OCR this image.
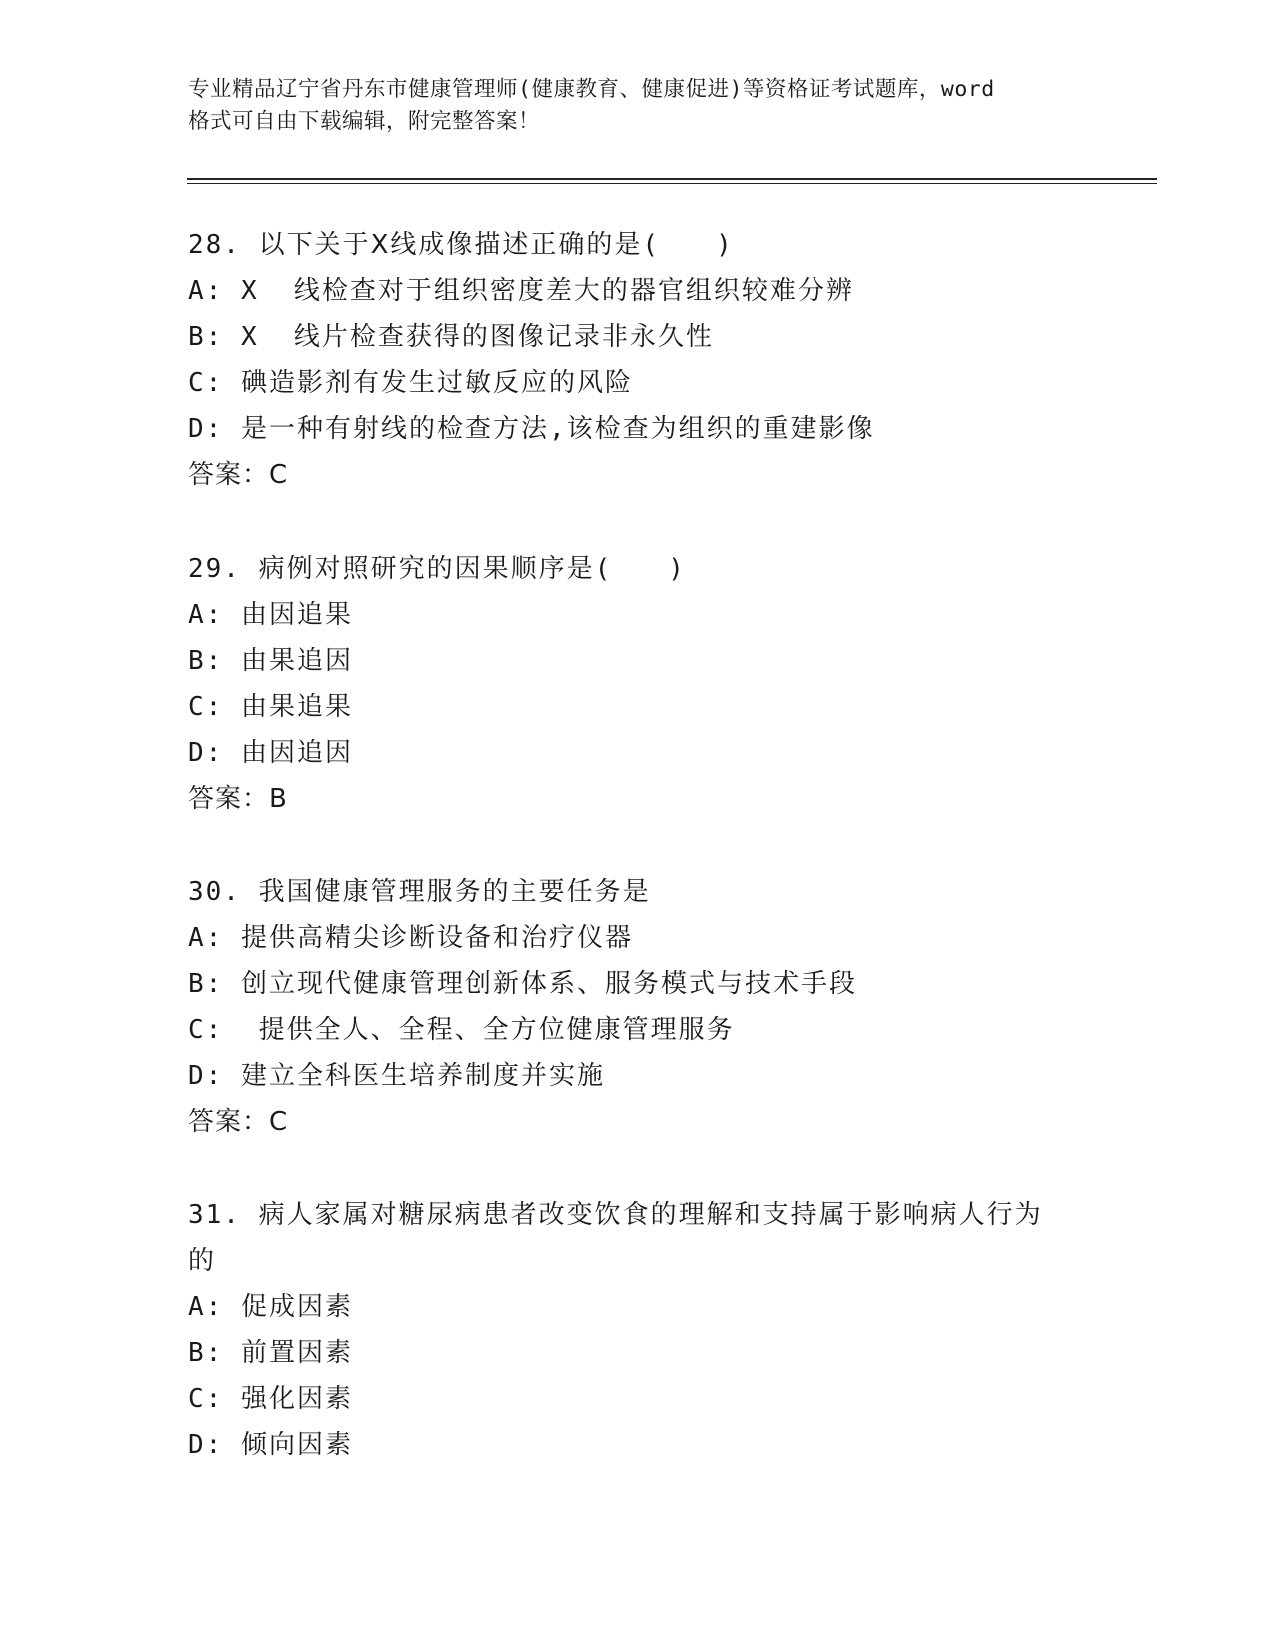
专业精品辽宁省丹东市健康管理师(健康教育、健康促进)等资格证考试题库，word
格式可自由下载编辑，附完整答案！
28. 以下关于Ⅹ线成像描述正确的是(　　)
A: X  线检查对于组织密度差大的器官组织较难分辨
B: X  线片检查获得的图像记录非永久性
C: 碘造影剂有发生过敏反应的风险
D: 是一种有射线的检查方法,该检查为组织的重建影像
答案：C
29. 病例对照研究的因果顺序是(　　)
A: 由因追果
B: 由果追因
C: 由果追果
D: 由因追因
答案：B
30. 我国健康管理服务的主要任务是
A: 提供高精尖诊断设备和治疗仪器
B: 创立现代健康管理创新体系、服务模式与技术手段
C:  提供全人、全程、全方位健康管理服务
D: 建立全科医生培养制度并实施
答案：C
31. 病人家属对糖尿病患者改变饮食的理解和支持属于影响病人行为的
A: 促成因素
B: 前置因素
C: 强化因素
D: 倾向因素
